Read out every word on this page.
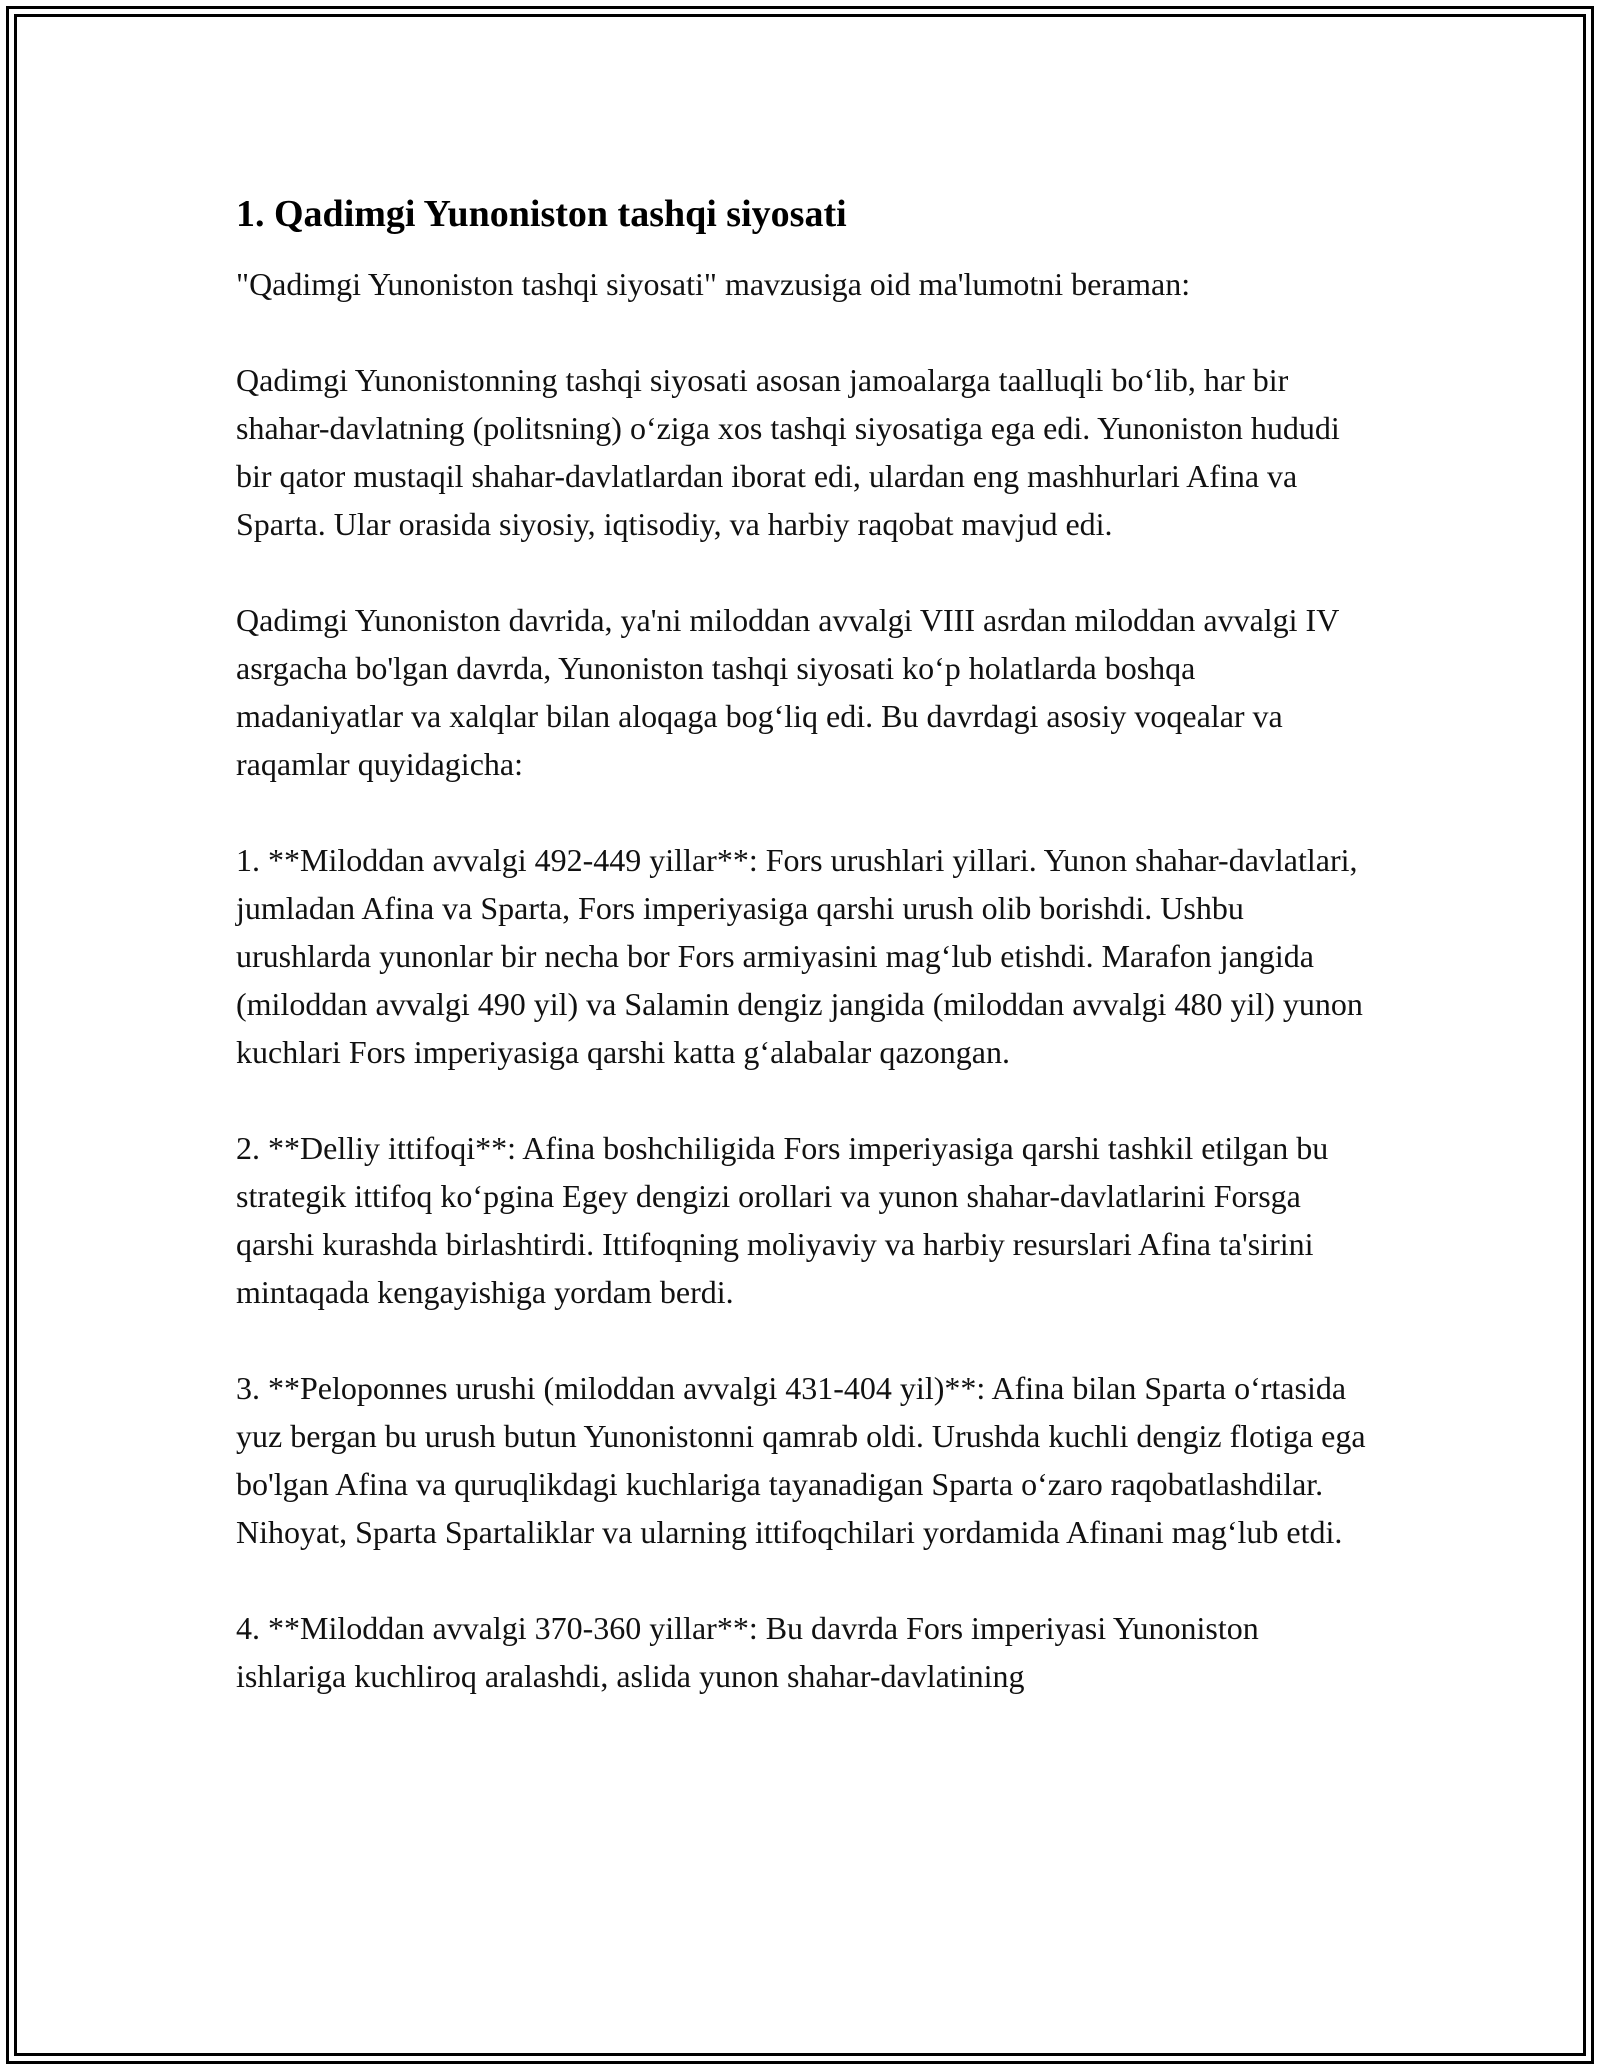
1. Qadimgi Yunoniston tashqi siyosati

"Qadimgi Yunoniston tashqi siyosati" mavzusiga oid ma'lumotni beraman:

Qadimgi Yunonistonning tashqi siyosati asosan jamoalarga taalluqli bo‘lib, har bir shahar-davlatning (politsning) o‘ziga xos tashqi siyosatiga ega edi. Yunoniston hududi bir qator mustaqil shahar-davlatlardan iborat edi, ulardan eng mashhurlari Afina va Sparta. Ular orasida siyosiy, iqtisodiy, va harbiy raqobat mavjud edi.

Qadimgi Yunoniston davrida, ya'ni miloddan avvalgi VIII asrdan miloddan avvalgi IV asrgacha bo'lgan davrda, Yunoniston tashqi siyosati ko‘p holatlarda boshqa madaniyatlar va xalqlar bilan aloqaga bog‘liq edi. Bu davrdagi asosiy voqealar va raqamlar quyidagicha:

1. **Miloddan avvalgi 492-449 yillar**: Fors urushlari yillari. Yunon shahar-davlatlari, jumladan Afina va Sparta, Fors imperiyasiga qarshi urush olib borishdi. Ushbu urushlarda yunonlar bir necha bor Fors armiyasini mag‘lub etishdi. Marafon jangida (miloddan avvalgi 490 yil) va Salamin dengiz jangida (miloddan avvalgi 480 yil) yunon kuchlari Fors imperiyasiga qarshi katta g‘alabalar qazongan.

2. **Delliy ittifoqi**: Afina boshchiligida Fors imperiyasiga qarshi tashkil etilgan bu strategik ittifoq ko‘pgina Egey dengizi orollari va yunon shahar-davlatlarini Forsga qarshi kurashda birlashtirdi. Ittifoqning moliyaviy va harbiy resurslari Afina ta'sirini mintaqada kengayishiga yordam berdi.

3. **Peloponnes urushi (miloddan avvalgi 431-404 yil)**: Afina bilan Sparta o‘rtasida yuz bergan bu urush butun Yunonistonni qamrab oldi. Urushda kuchli dengiz flotiga ega bo'lgan Afina va quruqlikdagi kuchlariga tayanadigan Sparta o‘zaro raqobatlashdilar. Nihoyat, Sparta Spartaliklar va ularning ittifoqchilari yordamida Afinani mag‘lub etdi.

4. **Miloddan avvalgi 370-360 yillar**: Bu davrda Fors imperiyasi Yunoniston ishlariga kuchliroq aralashdi, aslida yunon shahar-davlatining
